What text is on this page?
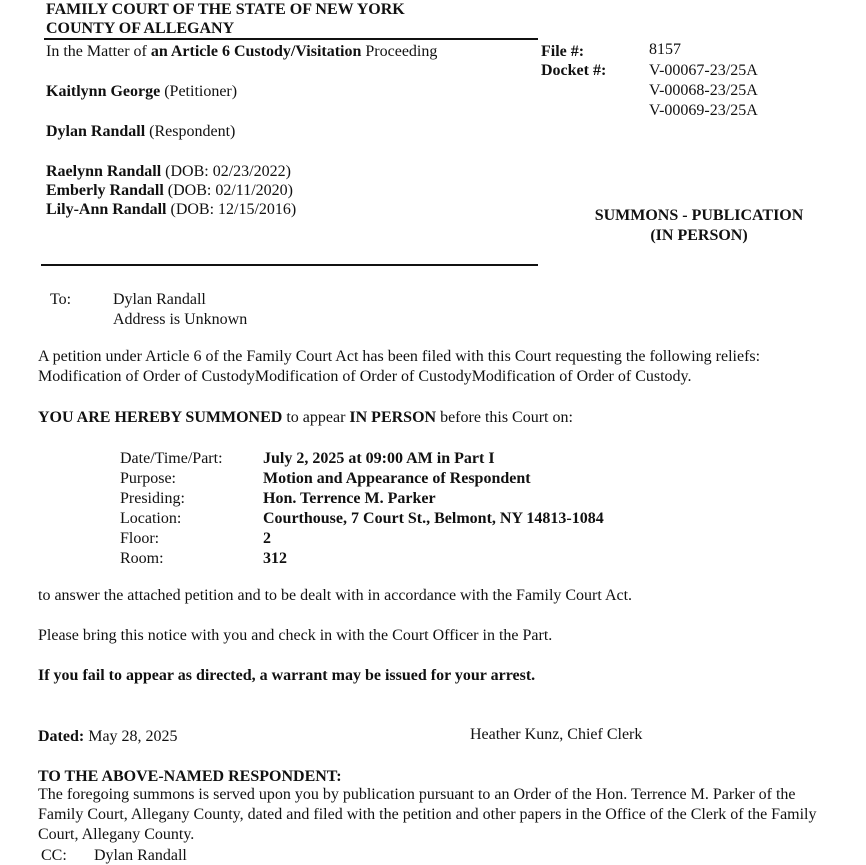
FAMILY COURT OF THE STATE OF NEW YORK
COUNTY OF ALLEGANY
In the Matter of an Article 6 Custody/Visitation Proceeding	File #:	8157
Docket #:	V-00067-23/25A
V-00068-23/25A
V-00069-23/25A
Kaitlynn George (Petitioner)
Dylan Randall (Respondent)
Raelynn Randall (DOB: 02/23/2022)
Emberly Randall (DOB: 02/11/2020)
Lily-Ann Randall (DOB: 12/15/2016)	SUMMONS - PUBLICATION
(IN PERSON)
To:	Dylan Randall
Address is Unknown
A petition under Article 6 of the Family Court Act has been filed with this Court requesting the following reliefs: Modification of Order of CustodyModification of Order of CustodyModification of Order of Custody.
YOU ARE HEREBY SUMMONED to appear IN PERSON before this Court on:
Date/Time/Part:	July 2, 2025 at 09:00 AM in Part I
Purpose:	Motion and Appearance of Respondent
Presiding:	Hon. Terrence M. Parker
Location:	Courthouse, 7 Court St., Belmont, NY 14813-1084
Floor:	2
Room:	312
to answer the attached petition and to be dealt with in accordance with the Family Court Act.
Please bring this notice with you and check in with the Court Officer in the Part.
If you fail to appear as directed, a warrant may be issued for your arrest.
Dated: May 28, 2025	Heather Kunz, Chief Clerk
TO THE ABOVE-NAMED RESPONDENT:
The foregoing summons is served upon you by publication pursuant to an Order of the Hon. Terrence M. Parker of the Family Court, Allegany County, dated and filed with the petition and other papers in the Office of the Clerk of the Family Court, Allegany County.
CC: Dylan Randall
